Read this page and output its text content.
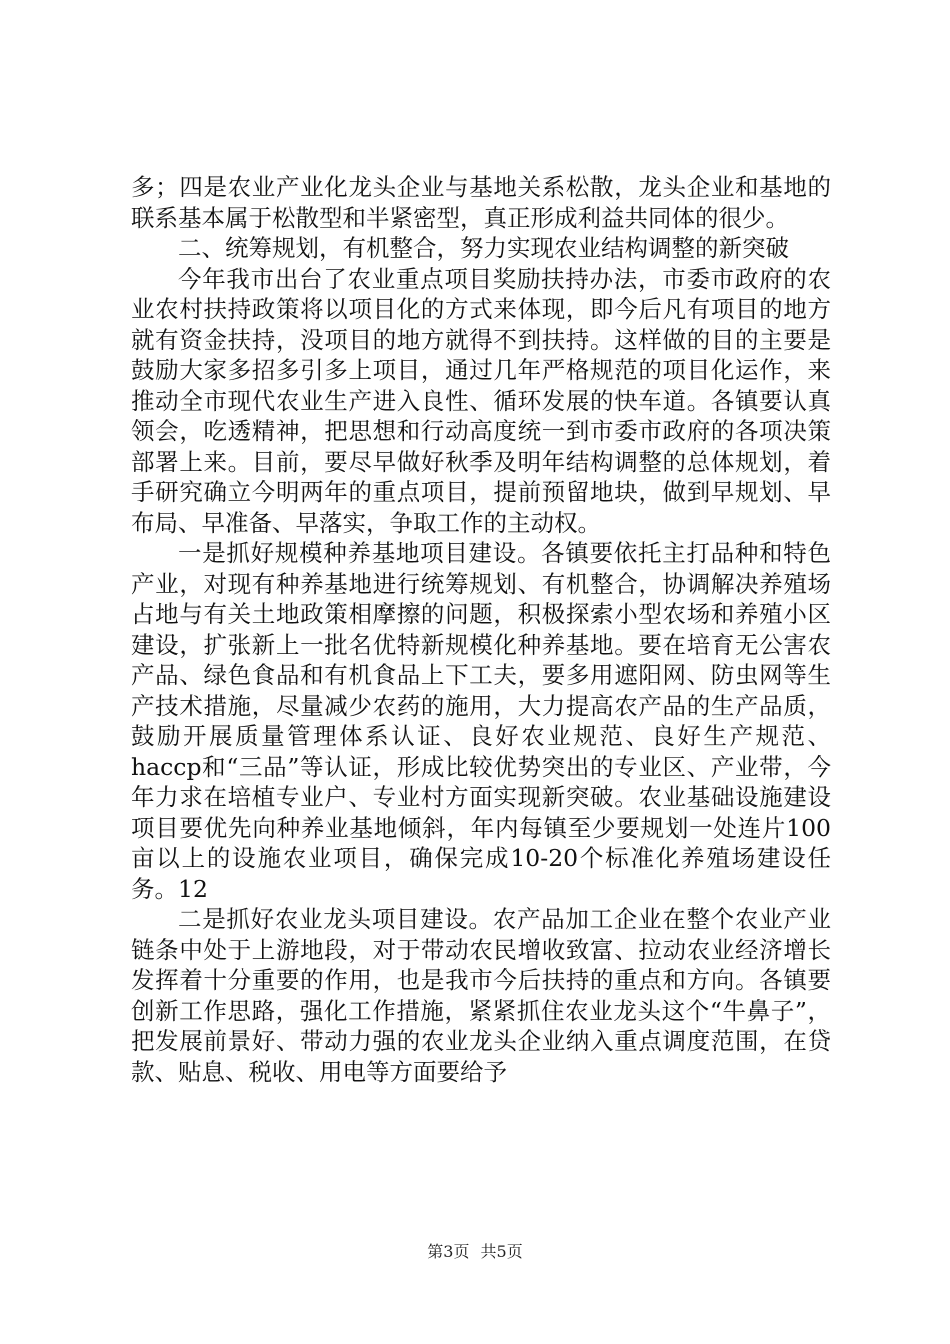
多；四是农业产业化龙头企业与基地关系松散，龙头企业和基地的联系基本属于松散型和半紧密型，真正形成利益共同体的很少。

二、统筹规划，有机整合，努力实现农业结构调整的新突破

今年我市出台了农业重点项目奖励扶持办法，市委市政府的农业农村扶持政策将以项目化的方式来体现，即今后凡有项目的地方就有资金扶持，没项目的地方就得不到扶持。这样做的目的主要是鼓励大家多招多引多上项目，通过几年严格规范的项目化运作，来推动全市现代农业生产进入良性、循环发展的快车道。各镇要认真领会，吃透精神，把思想和行动高度统一到市委市政府的各项决策部署上来。目前，要尽早做好秋季及明年结构调整的总体规划，着手研究确立今明两年的重点项目，提前预留地块，做到早规划、早布局、早准备、早落实，争取工作的主动权。

一是抓好规模种养基地项目建设。各镇要依托主打品种和特色产业，对现有种养基地进行统筹规划、有机整合，协调解决养殖场占地与有关土地政策相摩擦的问题，积极探索小型农场和养殖小区建设，扩张新上一批名优特新规模化种养基地。要在培育无公害农产品、绿色食品和有机食品上下工夫，要多用遮阳网、防虫网等生产技术措施，尽量减少农药的施用，大力提高农产品的生产品质，鼓励开展质量管理体系认证、良好农业规范、良好生产规范、haccp和“三品”等认证，形成比较优势突出的专业区、产业带，今年力求在培植专业户、专业村方面实现新突破。农业基础设施建设项目要优先向种养业基地倾斜，年内每镇至少要规划一处连片100亩以上的设施农业项目，确保完成10-20个标准化养殖场建设任务。12

二是抓好农业龙头项目建设。农产品加工企业在整个农业产业链条中处于上游地段，对于带动农民增收致富、拉动农业经济增长发挥着十分重要的作用，也是我市今后扶持的重点和方向。各镇要创新工作思路，强化工作措施，紧紧抓住农业龙头这个“牛鼻子”，把发展前景好、带动力强的农业龙头企业纳入重点调度范围，在贷款、贴息、税收、用电等方面要给予

第3页 共5页
